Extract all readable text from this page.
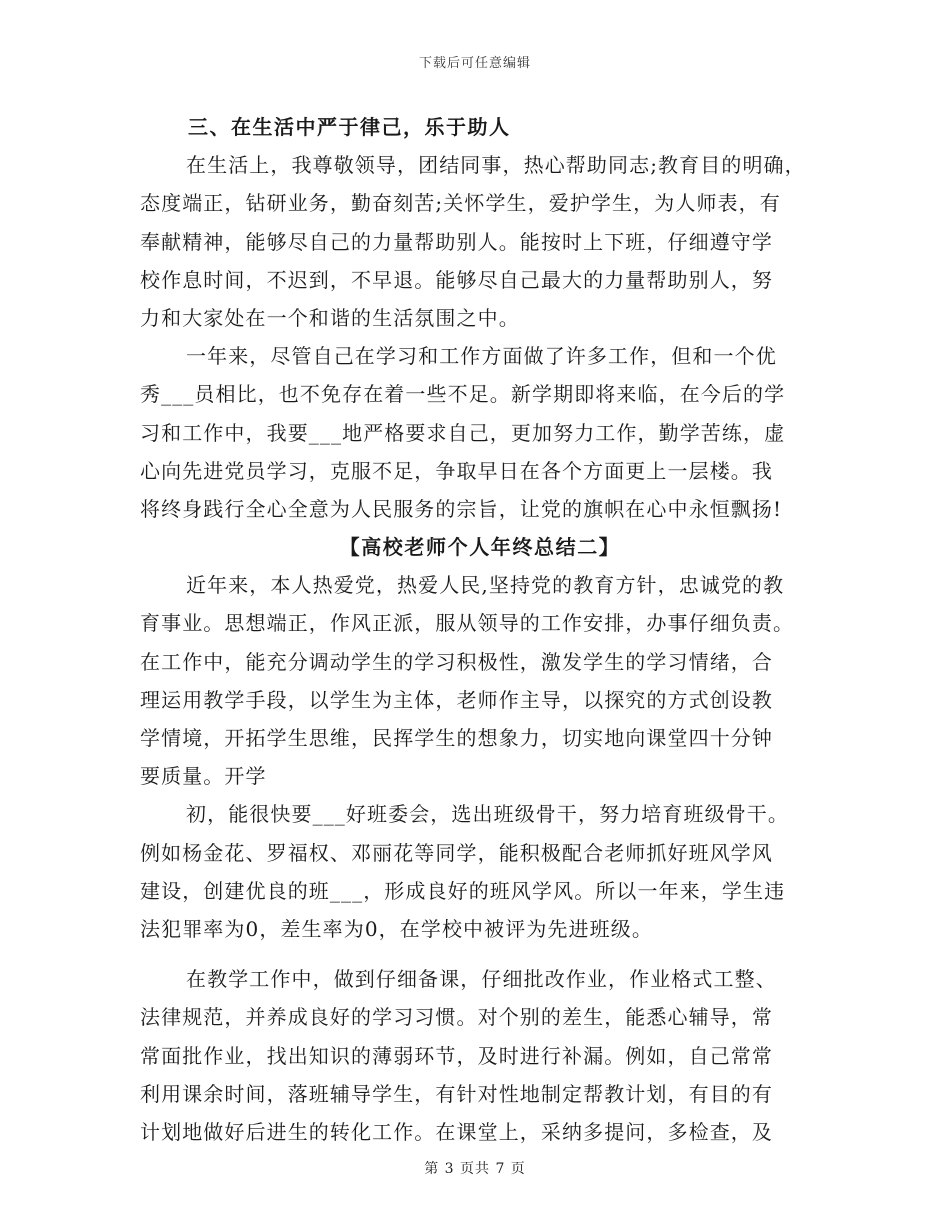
下载后可任意编辑
三、在生活中严于律己，乐于助人
在生活上，我尊敬领导，团结同事，热心帮助同志;教育目的明确，
态度端正，钻研业务，勤奋刻苦;关怀学生，爱护学生，为人师表，有
奉献精神，能够尽自己的力量帮助别人。能按时上下班，仔细遵守学
校作息时间，不迟到，不早退。能够尽自己最大的力量帮助别人，努
力和大家处在一个和谐的生活氛围之中。
一年来，尽管自己在学习和工作方面做了许多工作，但和一个优
秀___员相比，也不免存在着一些不足。新学期即将来临，在今后的学
习和工作中，我要___地严格要求自己，更加努力工作，勤学苦练，虚
心向先进党员学习，克服不足，争取早日在各个方面更上一层楼。我
将终身践行全心全意为人民服务的宗旨，让党的旗帜在心中永恒飘扬!
【高校老师个人年终总结二】
近年来，本人热爱党，热爱人民,坚持党的教育方针，忠诚党的教
育事业。思想端正，作风正派，服从领导的工作安排，办事仔细负责。
在工作中，能充分调动学生的学习积极性，激发学生的学习情绪，合
理运用教学手段，以学生为主体，老师作主导，以探究的方式创设教
学情境，开拓学生思维，民挥学生的想象力，切实地向课堂四十分钟
要质量。开学
初，能很快要___好班委会，选出班级骨干，努力培育班级骨干。
例如杨金花、罗福权、邓丽花等同学，能积极配合老师抓好班风学风
建设，创建优良的班___，形成良好的班风学风。所以一年来，学生违
法犯罪率为0，差生率为0，在学校中被评为先进班级。
在教学工作中，做到仔细备课，仔细批改作业，作业格式工整、
法律规范，并养成良好的学习习惯。对个别的差生，能悉心辅导，常
常面批作业，找出知识的薄弱环节，及时进行补漏。例如，自己常常
利用课余时间，落班辅导学生，有针对性地制定帮教计划，有目的有
计划地做好后进生的转化工作。在课堂上，采纳多提问，多检查，及
第 3 页共 7 页
